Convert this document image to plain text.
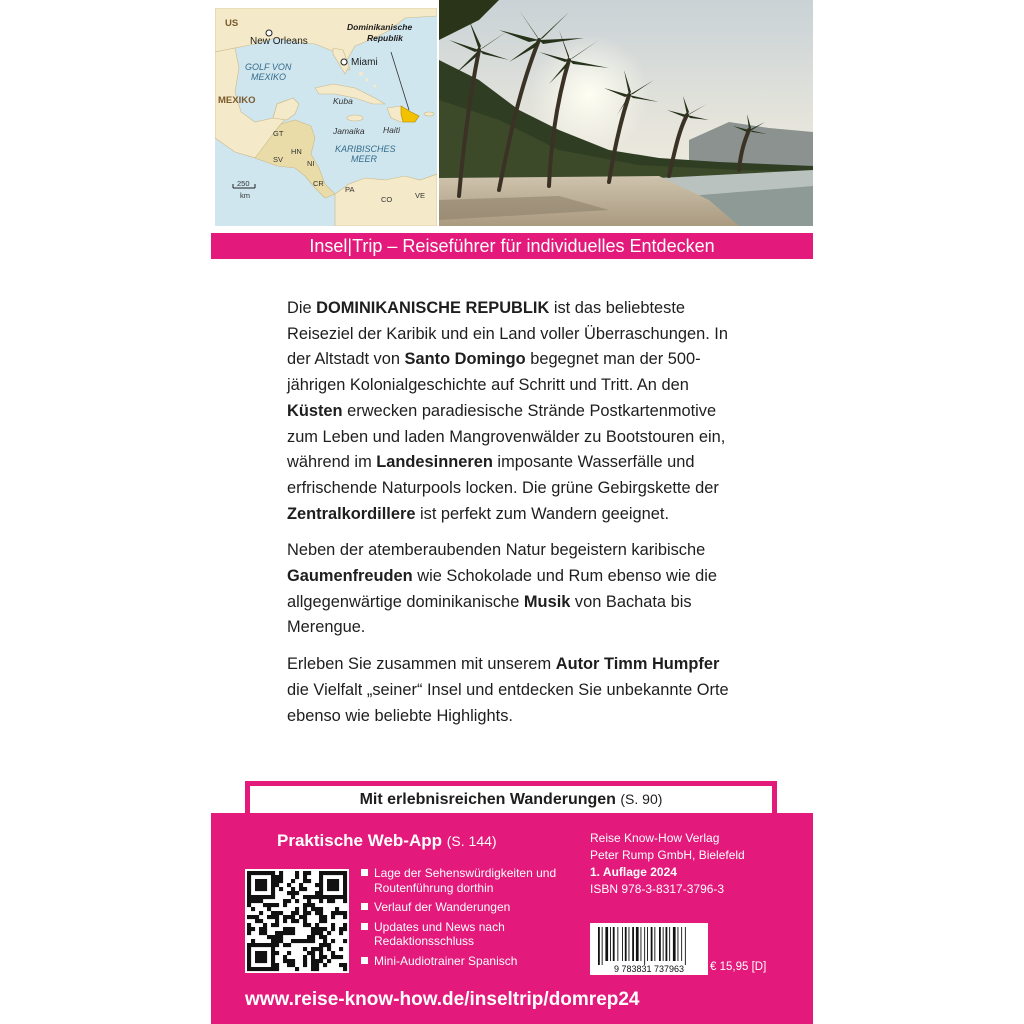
US
New Orleans
Dominikanische
Republik
GOLF VON
MEXIKO
Miami
MEXIKO	Kuba
Jamaika Haiti
KARIBISCHES
MEER
GT
HN
NI
SV
CR
PA
CO	VE
250
km
Insel|Trip – Reiseführer für individuelles Entdecken

Die DOMINIKANISCHE REPUBLIK ist das beliebteste Reiseziel der Karibik und ein Land voller Überraschungen. In der Altstadt von Santo Domingo begegnet man der 500-jährigen Kolonialgeschichte auf Schritt und Tritt. An den Küsten erwecken paradiesische Strände Postkartenmotive zum Leben und laden Mangrovenwälder zu Bootstouren ein, während im Landesinneren imposante Wasserfälle und erfrischende Naturpools locken. Die grüne Gebirgskette der Zentralkordillere ist perfekt zum Wandern geeignet.

Neben der atemberaubenden Natur begeistern karibische Gaumenfreuden wie Schokolade und Rum ebenso wie die allgegenwärtige dominikanische Musik von Bachata bis Merengue.

Erleben Sie zusammen mit unserem Autor Timm Humpfer die Vielfalt „seiner“ Insel und entdecken Sie unbekannte Orte ebenso wie beliebte Highlights.

Mit erlebnisreichen Wanderungen (S. 90)
Praktische Web-App (S. 144)
Lage der Sehenswürdigkeiten und Routenführung dorthin
Verlauf der Wanderungen
Updates und News nach Redaktionsschluss
Mini-Audiotrainer Spanisch
Reise Know-How Verlag
Peter Rump GmbH, Bielefeld
1. Auflage 2024
ISBN 978-3-8317-3796-3
9 783831 737963 € 15,95 [D]
www.reise-know-how.de/inseltrip/domrep24
